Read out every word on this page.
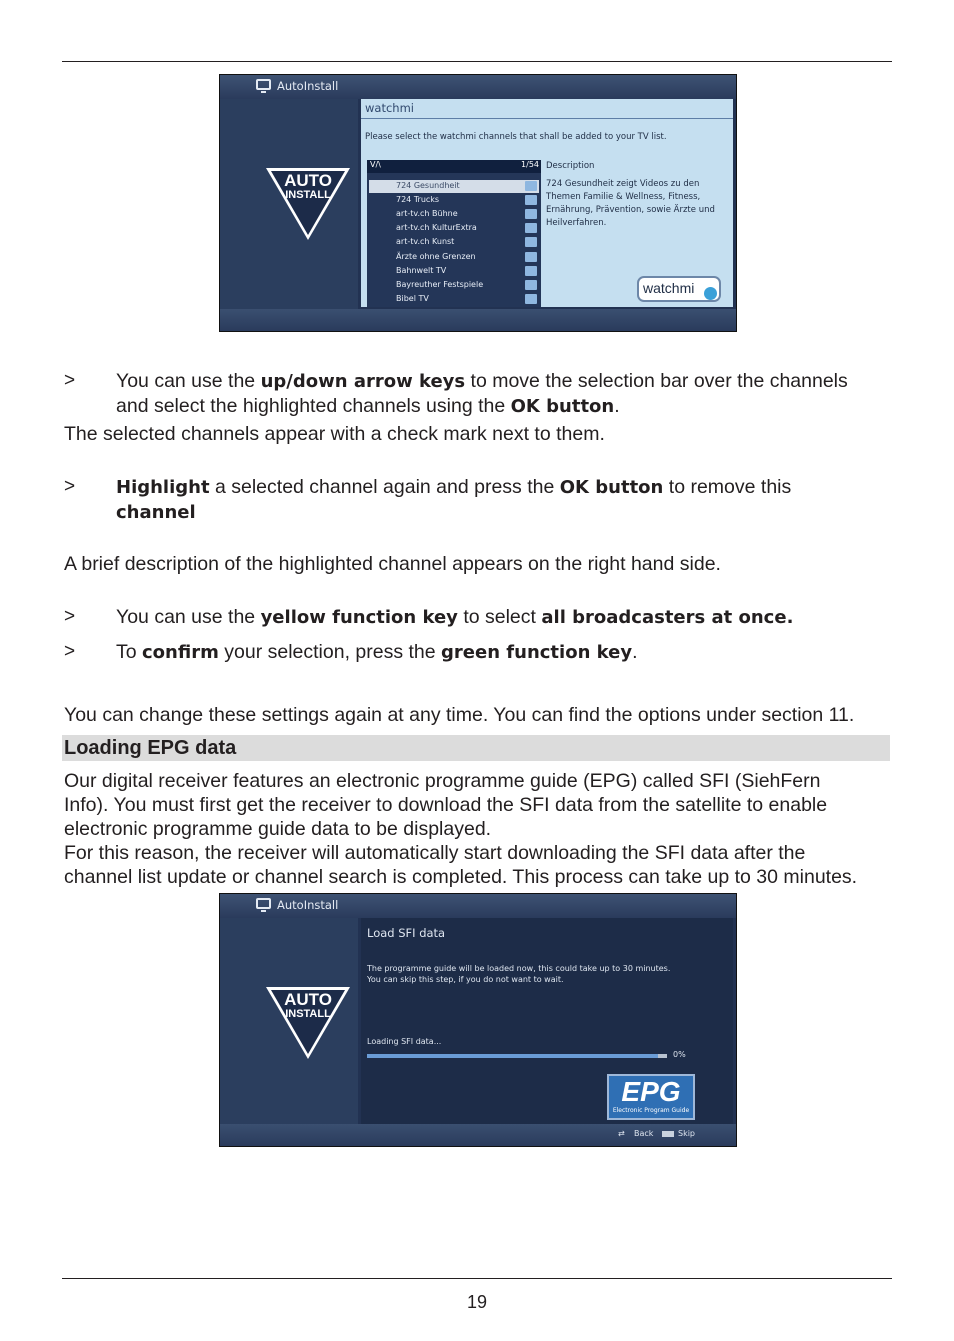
AutoInstall
AUTO
INSTALL
watchmi
Please select the watchmi channels that shall be added to your TV list.
V/\	1/54
724 Gesundheit
724 Trucks
art-tv.ch Bühne
art-tv.ch KulturExtra
art-tv.ch Kunst
Ärzte ohne Grenzen
Bahnwelt TV
Bayreuther Festspiele
Bibel TV
Description
724 Gesundheit zeigt Videos zu den Themen Familie & Wellness, Fitness, Ernährung, Prävention, sowie Ärzte und Heilverfahren.
watchmi
> You can use the up/down arrow keys to move the selection bar over the channels
and select the highlighted channels using the OK button.

The selected channels appear with a check mark next to them.

> Highlight a selected channel again and press the OK button to remove this
channel

A brief description of the highlighted channel appears on the right hand side.

> You can use the yellow function key to select all broadcasters at once.
> To confirm your selection, press the green function key.

You can change these settings again at any time. You can find the options under section 11.

Loading EPG data

Our digital receiver features an electronic programme guide (EPG) called SFI (SiehFern

Info). You must first get the receiver to download the SFI data from the satellite to enable

electronic programme guide data to be displayed.

For this reason, the receiver will automatically start downloading the SFI data after the

channel list update or channel search is completed. This process can take up to 30 minutes.

AutoInstall
AUTO
INSTALL
Load SFI data
The programme guide will be loaded now, this could take up to 30 minutes.
You can skip this step, if you do not want to wait.
Loading SFI data...
0%
EPG
Electronic Program Guide
⇄ Back	Skip
19
